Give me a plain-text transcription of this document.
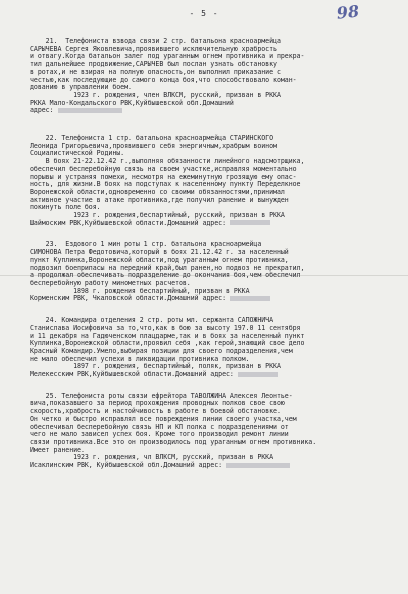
- 5 -	98

21.  Телефониста взвода связи 2 стр. батальона красноармейца

САРЫЧЕВА Сергея Яковлевича,проявившего исключительную храбрость

и отвагу.Когда батальон залег под ураганным огнем противника и прекра-

тил дальнейшее продвижение,САРЫЧЕВ был послан узнать обстановку

в ротах,и не взирая на полную опасность,он выполнил приказание с

честью,как последующие до самого конца боя,что способствовало коман-

дованию в управлении боем.

1923 г. рождения, член ВЛКСМ, русский, призван в РККА

РККА Мало-Кондальского РВК,Куйбышевской обл.Домашний

адрес:

22. Телефониста 1 стр. батальона красноармейца СТАРИНСКОГО

Леонида Григорьевича,проявившего себя энергичным,храбрым воином

Социалистической Родины.

В боях 21-22.12.42 г.,выполняя обязанности линейного надсмотрщика,

обеспечил бесперебойную связь на своем участке,исправляя моментально

порывы и устраняя помехи, несмотря на ежеминутную грозящую ему опас-

ность, для жизни.В боях на подступах к населенному пункту Переделкное

Воронежской области,одновременно со своими обязанностями,принимал

активное участие в атаке противника,где получил ранение и вынужден

покинуть поле боя.

1923 г. рождения,беспартийный, русский, призван в РККА

Шаймоским РВК,Куйбышевской области.Домашний адрес:

23.  Ездового 1 мин роты 1 стр. батальона красноармейца

СИМОНОВА Петра Федотовича,который в боях 21.12.42 г. за населенный

пункт Куплинка,Воронежской области,под ураганным огнем противника,

подвозил боеприпасы на передний край,был ранен,но подвоз не прекратил,

а продолжал обеспечивать подразделение до окончания боя,чем обеспечил

бесперебойную работу минометных расчетов.

1898 г. рождения беспартийный, призван в РККА

Корменским РВК, Чкаловской области.Домашний адрес:

24. Командира отделения 2 стр. роты мл. сержанта САПОЖНИЧА

Станислава Иосифовича за то,что,как в бою за высоту 197.0 11 сентября

и 11 декабря на Гадюченском плацдарме,так и в боях за населенный пункт

Куплинка,Воронежской области,проявил себя ,как герой,знающий свое дело

Красный Командир.Умело,выбирая позиции для своего подразделения,чем

не мало обеспечил успехи в ликвидации противника полком.

1897 г. рождения, беспартийный, поляк, призван в РККА

Мелекесским РВК,Куйбышевской области.Домашний адрес:

25. Телефониста роты связи ефрейтора ТАВОЛЖИНА Алексея Леонтье-

вича,показавшего за период прохождения проводных полков свое свою

скорость,храбрость и настойчивость в работе в боевой обстановке.

Он четко и быстро исправлял все повреждения линии своего участка,чем

обеспечивал бесперебойную связь НП и КП полка с подразделениями от

чего не мало зависел успех боя. Кроме того производил ремонт линии

связи противника.Все это он производилось под ураганным огнем противника.

Имеет ранение.

1923 г. рождения, чл ВЛКСМ, русский, призван в РККА

Исаклинским РВК, Куйбышевской обл.Домашний адрес:
